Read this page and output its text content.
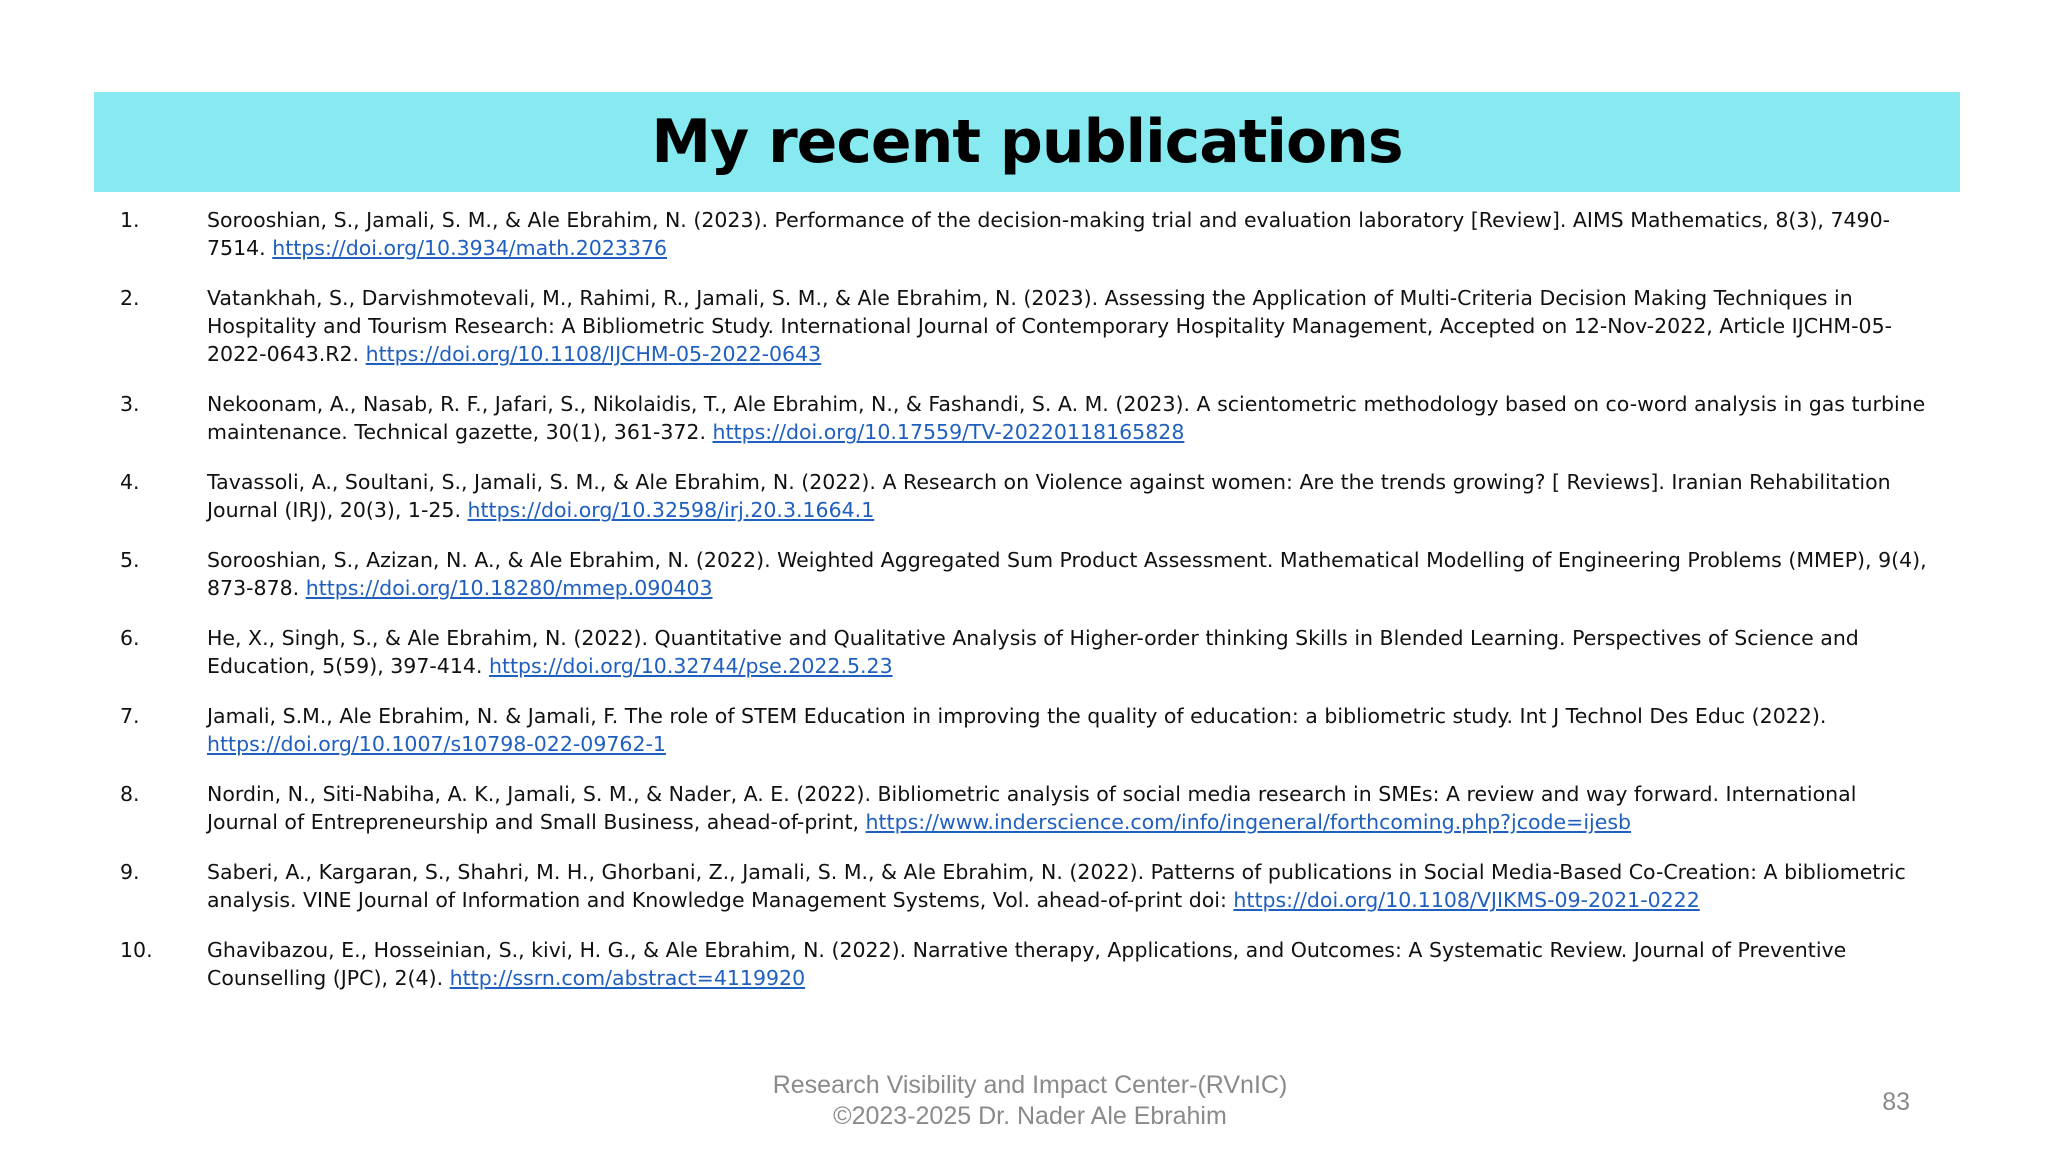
My recent publications
1.	Sorooshian, S., Jamali, S. M., & Ale Ebrahim, N. (2023). Performance of the decision-making trial and evaluation laboratory [Review]. AIMS Mathematics, 8(3), 7490-7514. https://doi.org/10.3934/math.2023376
2.	Vatankhah, S., Darvishmotevali, M., Rahimi, R., Jamali, S. M., & Ale Ebrahim, N. (2023). Assessing the Application of Multi-Criteria Decision Making Techniques in Hospitality and Tourism Research: A Bibliometric Study. International Journal of Contemporary Hospitality Management, Accepted on 12-Nov-2022, Article IJCHM-05-2022-0643.R2. https://doi.org/10.1108/IJCHM-05-2022-0643
3.	Nekoonam, A., Nasab, R. F., Jafari, S., Nikolaidis, T., Ale Ebrahim, N., & Fashandi, S. A. M. (2023). A scientometric methodology based on co-word analysis in gas turbine maintenance. Technical gazette, 30(1), 361-372. https://doi.org/10.17559/TV-20220118165828
4.	Tavassoli, A., Soultani, S., Jamali, S. M., & Ale Ebrahim, N. (2022). A Research on Violence against women: Are the trends growing? [ Reviews]. Iranian Rehabilitation Journal (IRJ), 20(3), 1-25. https://doi.org/10.32598/irj.20.3.1664.1
5.	Sorooshian, S., Azizan, N. A., & Ale Ebrahim, N. (2022). Weighted Aggregated Sum Product Assessment. Mathematical Modelling of Engineering Problems (MMEP), 9(4), 873-878. https://doi.org/10.18280/mmep.090403
6.	He, X., Singh, S., & Ale Ebrahim, N. (2022). Quantitative and Qualitative Analysis of Higher-order thinking Skills in Blended Learning. Perspectives of Science and Education, 5(59), 397-414. https://doi.org/10.32744/pse.2022.5.23
7.	Jamali, S.M., Ale Ebrahim, N. & Jamali, F. The role of STEM Education in improving the quality of education: a bibliometric study. Int J Technol Des Educ (2022). https://doi.org/10.1007/s10798-022-09762-1
8.	Nordin, N., Siti-Nabiha, A. K., Jamali, S. M., & Nader, A. E. (2022). Bibliometric analysis of social media research in SMEs: A review and way forward. International Journal of Entrepreneurship and Small Business, ahead-of-print, https://www.inderscience.com/info/ingeneral/forthcoming.php?jcode=ijesb
9.	Saberi, A., Kargaran, S., Shahri, M. H., Ghorbani, Z., Jamali, S. M., & Ale Ebrahim, N. (2022). Patterns of publications in Social Media-Based Co-Creation: A bibliometric analysis. VINE Journal of Information and Knowledge Management Systems, Vol. ahead-of-print doi: https://doi.org/10.1108/VJIKMS-09-2021-0222
10.	Ghavibazou, E., Hosseinian, S., kivi, H. G., & Ale Ebrahim, N. (2022). Narrative therapy, Applications, and Outcomes: A Systematic Review. Journal of Preventive Counselling (JPC), 2(4). http://ssrn.com/abstract=4119920
Research Visibility and Impact Center-(RVnIC)
©2023-2025 Dr. Nader Ale Ebrahim	83
